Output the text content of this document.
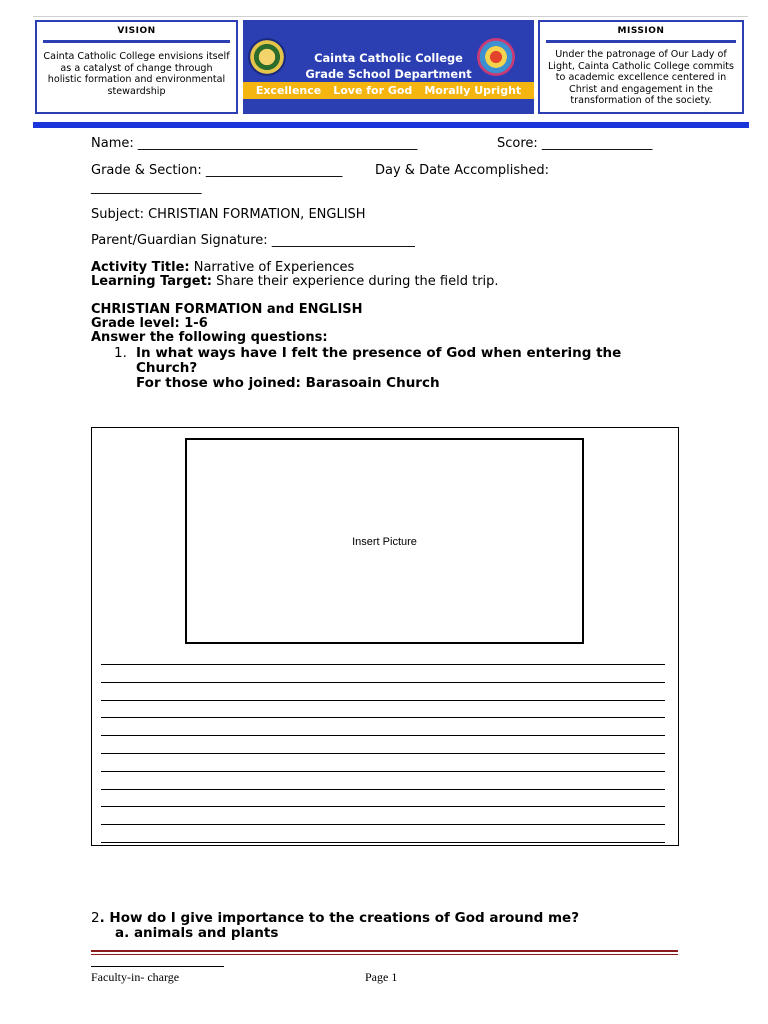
VISION
Cainta Catholic College envisions itself as a catalyst of change through holistic formation and environmental stewardship
Cainta Catholic College
Grade School Department
Excellence Love for God Morally Upright
MISSION
Under the patronage of Our Lady of Light, Cainta Catholic College commits to academic excellence centered in Christ and engagement in the transformation of the society.
Name: ___________________________________________	Score: _________________
Grade & Section: _____________________	Day & Date Accomplished:
_________________
Subject: CHRISTIAN FORMATION, ENGLISH
Parent/Guardian Signature: ______________________
Activity Title: Narrative of Experiences
Learning Target: Share their experience during the field trip.
CHRISTIAN FORMATION and ENGLISH
Grade level: 1-6
Answer the following questions:
1. In what ways have I felt the presence of God when entering the
Church?
For those who joined: Barasoain Church
Insert Picture
2. How do I give importance to the creations of God around me?
a. animals and plants
Faculty-in- charge	Page 1
